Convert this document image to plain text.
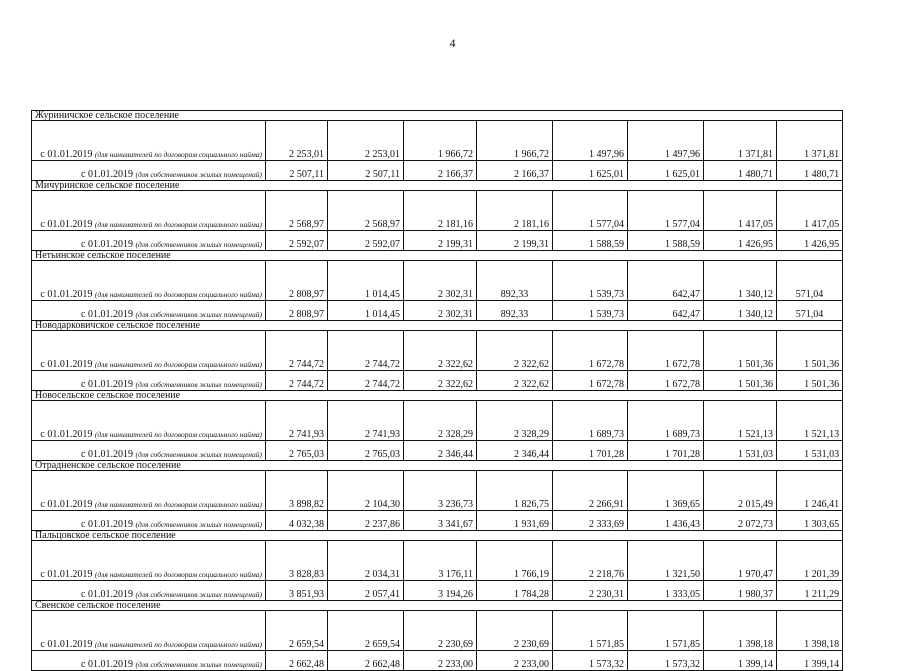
4
Журиничское сельское поселение								
с 01.01.2019 (для нанимателей по договорам социального найма)	2 253,01	2 253,01	1 966,72	1 966,72	1 497,96	1 497,96	1 371,81	1 371,81
с 01.01.2019 (для собственников жилых помещений)	2 507,11	2 507,11	2 166,37	2 166,37	1 625,01	1 625,01	1 480,71	1 480,71
Мичуринское сельское поселение								
с 01.01.2019 (для нанимателей по договорам социального найма)	2 568,97	2 568,97	2 181,16	2 181,16	1 577,04	1 577,04	1 417,05	1 417,05
с 01.01.2019 (для собственников жилых помещений)	2 592,07	2 592,07	2 199,31	2 199,31	1 588,59	1 588,59	1 426,95	1 426,95
Нетьинское сельское поселение								
с 01.01.2019 (для нанимателей по договорам социального найма)	2 808,97	1 014,45	2 302,31	892,33	1 539,73	642,47	1 340,12	571,04
с 01.01.2019 (для собственников жилых помещений)	2 808,97	1 014,45	2 302,31	892,33	1 539,73	642,47	1 340,12	571,04
Новодарковичское сельское поселение								
с 01.01.2019 (для нанимателей по договорам социального найма)	2 744,72	2 744,72	2 322,62	2 322,62	1 672,78	1 672,78	1 501,36	1 501,36
с 01.01.2019 (для собственников жилых помещений)	2 744,72	2 744,72	2 322,62	2 322,62	1 672,78	1 672,78	1 501,36	1 501,36
Новосельское сельское поселение								
с 01.01.2019 (для нанимателей по договорам социального найма)	2 741,93	2 741,93	2 328,29	2 328,29	1 689,73	1 689,73	1 521,13	1 521,13
с 01.01.2019 (для собственников жилых помещений)	2 765,03	2 765,03	2 346,44	2 346,44	1 701,28	1 701,28	1 531,03	1 531,03
Отрадненское сельское поселение								
с 01.01.2019 (для нанимателей по договорам социального найма)	3 898,82	2 104,30	3 236,73	1 826,75	2 266,91	1 369,65	2 015,49	1 246,41
с 01.01.2019 (для собственников жилых помещений)	4 032,38	2 237,86	3 341,67	1 931,69	2 333,69	1 436,43	2 072,73	1 303,65
Пальцовское сельское поселение								
с 01.01.2019 (для нанимателей по договорам социального найма)	3 828,83	2 034,31	3 176,11	1 766,19	2 218,76	1 321,50	1 970,47	1 201,39
с 01.01.2019 (для собственников жилых помещений)	3 851,93	2 057,41	3 194,26	1 784,28	2 230,31	1 333,05	1 980,37	1 211,29
Свенское сельское поселение								
с 01.01.2019 (для нанимателей по договорам социального найма)	2 659,54	2 659,54	2 230,69	2 230,69	1 571,85	1 571,85	1 398,18	1 398,18
с 01.01.2019 (для собственников жилых помещений)	2 662,48	2 662,48	2 233,00	2 233,00	1 573,32	1 573,32	1 399,14	1 399,14
